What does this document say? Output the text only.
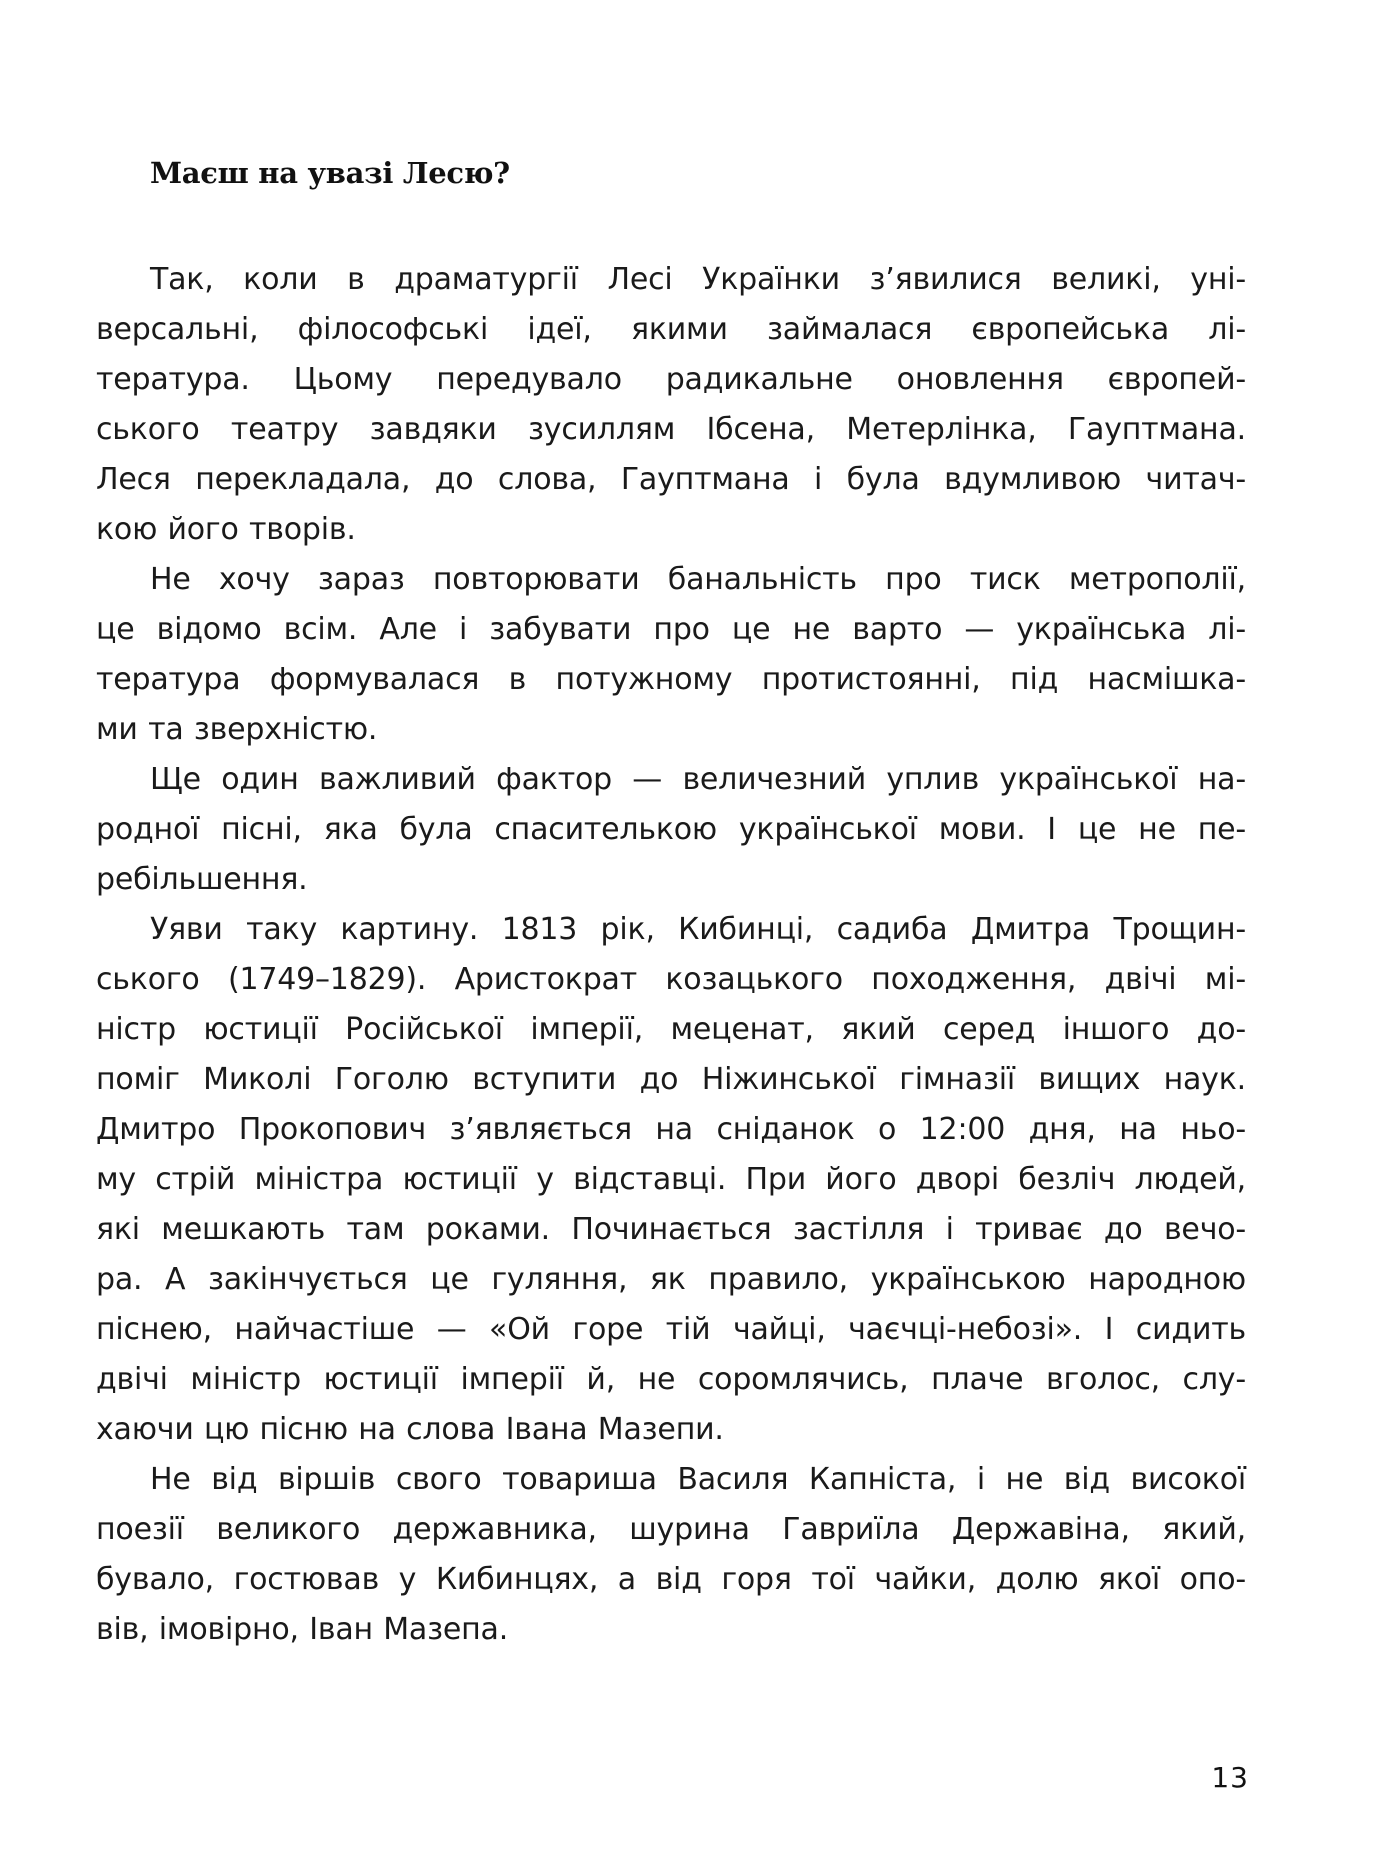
Маєш на увазі Лесю?
Так, коли в драматургії Лесі Українки з’явилися великі, уні-
версальні, філософські ідеї, якими займалася європейська лі-
тература. Цьому передувало радикальне оновлення європей-
ського театру завдяки зусиллям Ібсена, Метерлінка, Гауптмана.
Леся перекладала, до слова, Гауптмана і була вдумливою читач-
кою його творів.
Не хочу зараз повторювати банальність про тиск метрополії,
це відомо всім. Але і забувати про це не варто — українська лі-
тература формувалася в потужному протистоянні, під насмішка-
ми та зверхністю.
Ще один важливий фактор — величезний уплив української на-
родної пісні, яка була спасителькою української мови. І це не пе-
ребільшення.
Уяви таку картину. 1813 рік, Кибинці, садиба Дмитра Трощин-
ського (1749–1829). Аристократ козацького походження, двічі мі-
ністр юстиції Російської імперії, меценат, який серед іншого до-
поміг Миколі Гоголю вступити до Ніжинської гімназії вищих наук.
Дмитро Прокопович з’являється на сніданок о 12:00 дня, на ньо-
му стрій міністра юстиції у відставці. При його дворі безліч людей,
які мешкають там роками. Починається застілля і триває до вечо-
ра. А закінчується це гуляння, як правило, українською народною
піснею, найчастіше — «Ой горе тій чайці, чаєчці-небозі». І сидить
двічі міністр юстиції імперії й, не соромлячись, плаче вголос, слу-
хаючи цю пісню на слова Івана Мазепи.
Не від віршів свого товариша Василя Капніста, і не від високої
поезії великого державника, шурина Гавриїла Державіна, який,
бувало, гостював у Кибинцях, а від горя тої чайки, долю якої опо-
вів, імовірно, Іван Мазепа.
13
